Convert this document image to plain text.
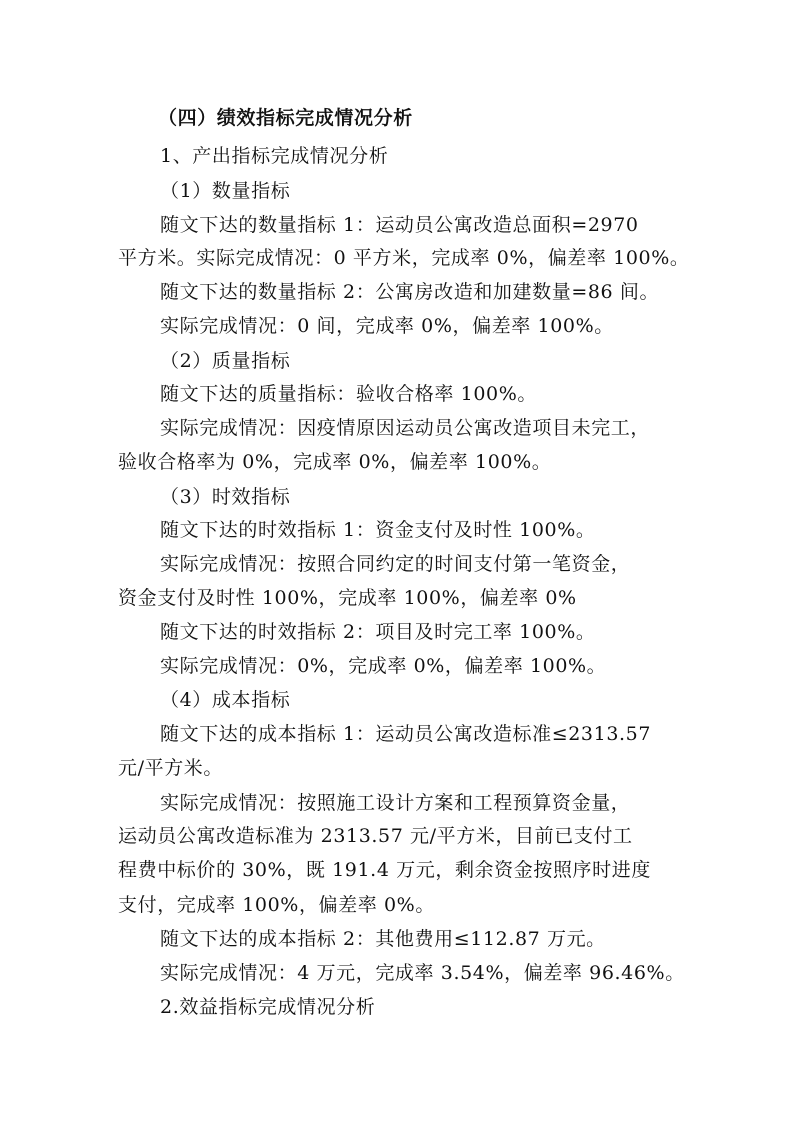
（四）绩效指标完成情况分析
1、产出指标完成情况分析
（1）数量指标
随文下达的数量指标 1：运动员公寓改造总面积=2970
平方米。实际完成情况：0 平方米，完成率 0%，偏差率 100%。
随文下达的数量指标 2：公寓房改造和加建数量=86 间。
实际完成情况：0 间，完成率 0%，偏差率 100%。
（2）质量指标
随文下达的质量指标：验收合格率 100%。
实际完成情况：因疫情原因运动员公寓改造项目未完工，
验收合格率为 0%，完成率 0%，偏差率 100%。
（3）时效指标
随文下达的时效指标 1：资金支付及时性 100%。
实际完成情况：按照合同约定的时间支付第一笔资金，
资金支付及时性 100%，完成率 100%，偏差率 0%
随文下达的时效指标 2：项目及时完工率 100%。
实际完成情况：0%，完成率 0%，偏差率 100%。
（4）成本指标
随文下达的成本指标 1：运动员公寓改造标准≤2313.57
元/平方米。
实际完成情况：按照施工设计方案和工程预算资金量，
运动员公寓改造标准为 2313.57 元/平方米，目前已支付工
程费中标价的 30%，既 191.4 万元，剩余资金按照序时进度
支付，完成率 100%，偏差率 0%。
随文下达的成本指标 2：其他费用≤112.87 万元。
实际完成情况：4 万元，完成率 3.54%，偏差率 96.46%。
2.效益指标完成情况分析
